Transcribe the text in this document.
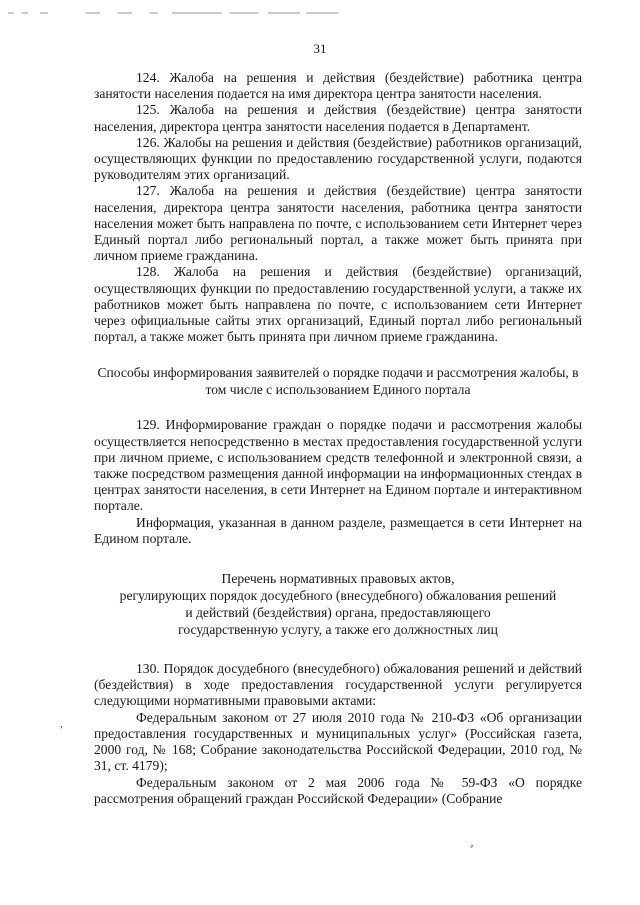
31

124. Жалоба на решения и действия (бездействие) работника центра занятости населения подается на имя директора центра занятости населения.

125. Жалоба на решения и действия (бездействие) центра занятости населения, директора центра занятости населения подается в Департамент.

126. Жалобы на решения и действия (бездействие) работников организаций, осуществляющих функции по предоставлению государственной услуги, подаются руководителям этих организаций.

127. Жалоба на решения и действия (бездействие) центра занятости населения, директора центра занятости населения, работника центра занятости населения может быть направлена по почте, с использованием сети Интернет через Единый портал либо региональный портал, а также может быть принята при личном приеме гражданина.

128. Жалоба на решения и действия (бездействие) организаций, осуществляющих функции по предоставлению государственной услуги, а также их работников может быть направлена по почте, с использованием сети Интернет через официальные сайты этих организаций, Единый портал либо региональный портал, а также может быть принята при личном приеме гражданина.

Способы информирования заявителей о порядке подачи и рассмотрения жалобы, в том числе с использованием Единого портала

129. Информирование граждан о порядке подачи и рассмотрения жалобы осуществляется непосредственно в местах предоставления государственной услуги при личном приеме, с использованием средств телефонной и электронной связи, а также посредством размещения данной информации на информационных стендах в центрах занятости населения, в сети Интернет на Едином портале и интерактивном портале.

Информация, указанная в данном разделе, размещается в сети Интернет на Едином портале.

Перечень нормативных правовых актов,
регулирующих порядок досудебного (внесудебного) обжалования решений
и действий (бездействия) органа, предоставляющего
государственную услугу, а также его должностных лиц

130. Порядок досудебного (внесудебного) обжалования решений и действий (бездействия) в ходе предоставления государственной услуги регулируется следующими нормативными правовыми актами:

Федеральным законом от 27 июля 2010 года № 210-ФЗ «Об организации предоставления государственных и муниципальных услуг» (Российская газета, 2000 год, № 168; Собрание законодательства Российской Федерации, 2010 год, № 31, ст. 4179);

Федеральным законом от 2 мая 2006 года № 59-ФЗ «О порядке рассмотрения обращений граждан Российской Федерации» (Собрание

,
⸗
